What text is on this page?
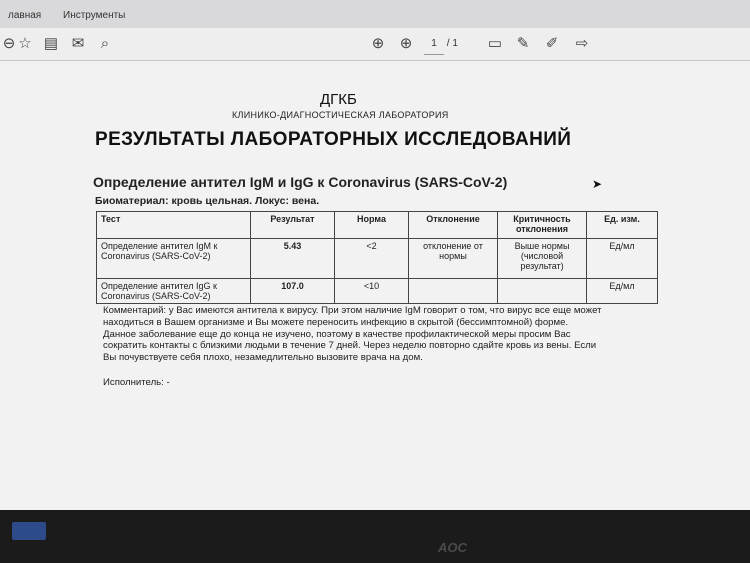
лавная	Инструменты
⊖ ☆ ▤ ✉	⌕	⊕ ⊕	1 / 1	▭ ✎ ✐ ⇨
ДГКБ
КЛИНИКО-ДИАГНОСТИЧЕСКАЯ ЛАБОРАТОРИЯ
РЕЗУЛЬТАТЫ ЛАБОРАТОРНЫХ ИССЛЕДОВАНИЙ
Определение антител IgM и IgG к Coronavirus (SARS-CoV-2)
Биоматериал: кровь цельная. Локус: вена.
Тест	Результат	Норма	Отклонение	Критичность отклонения	Ед. изм.
Определение антител IgM к Coronavirus (SARS-CoV-2)	5.43	<2	отклонение от нормы	Выше нормы (числовой результат)	Ед/мл
Определение антител IgG к Coronavirus (SARS-CoV-2)	107.0	<10			Ед/мл
Комментарий: у Вас имеются антитела к вирусу. При этом наличие IgM говорит о том, что вирус все еще может находиться в Вашем организме и Вы можете переносить инфекцию в скрытой (бессимптомной) форме. Данное заболевание еще до конца не изучено, поэтому в качестве профилактической меры просим Вас сократить контакты с близкими людьми в течение 7 дней. Через неделю повторно сдайте кровь из вены. Если Вы почувствуете себя плохо, незамедлительно вызовите врача на дом.
Исполнитель: -
➤
AOC
